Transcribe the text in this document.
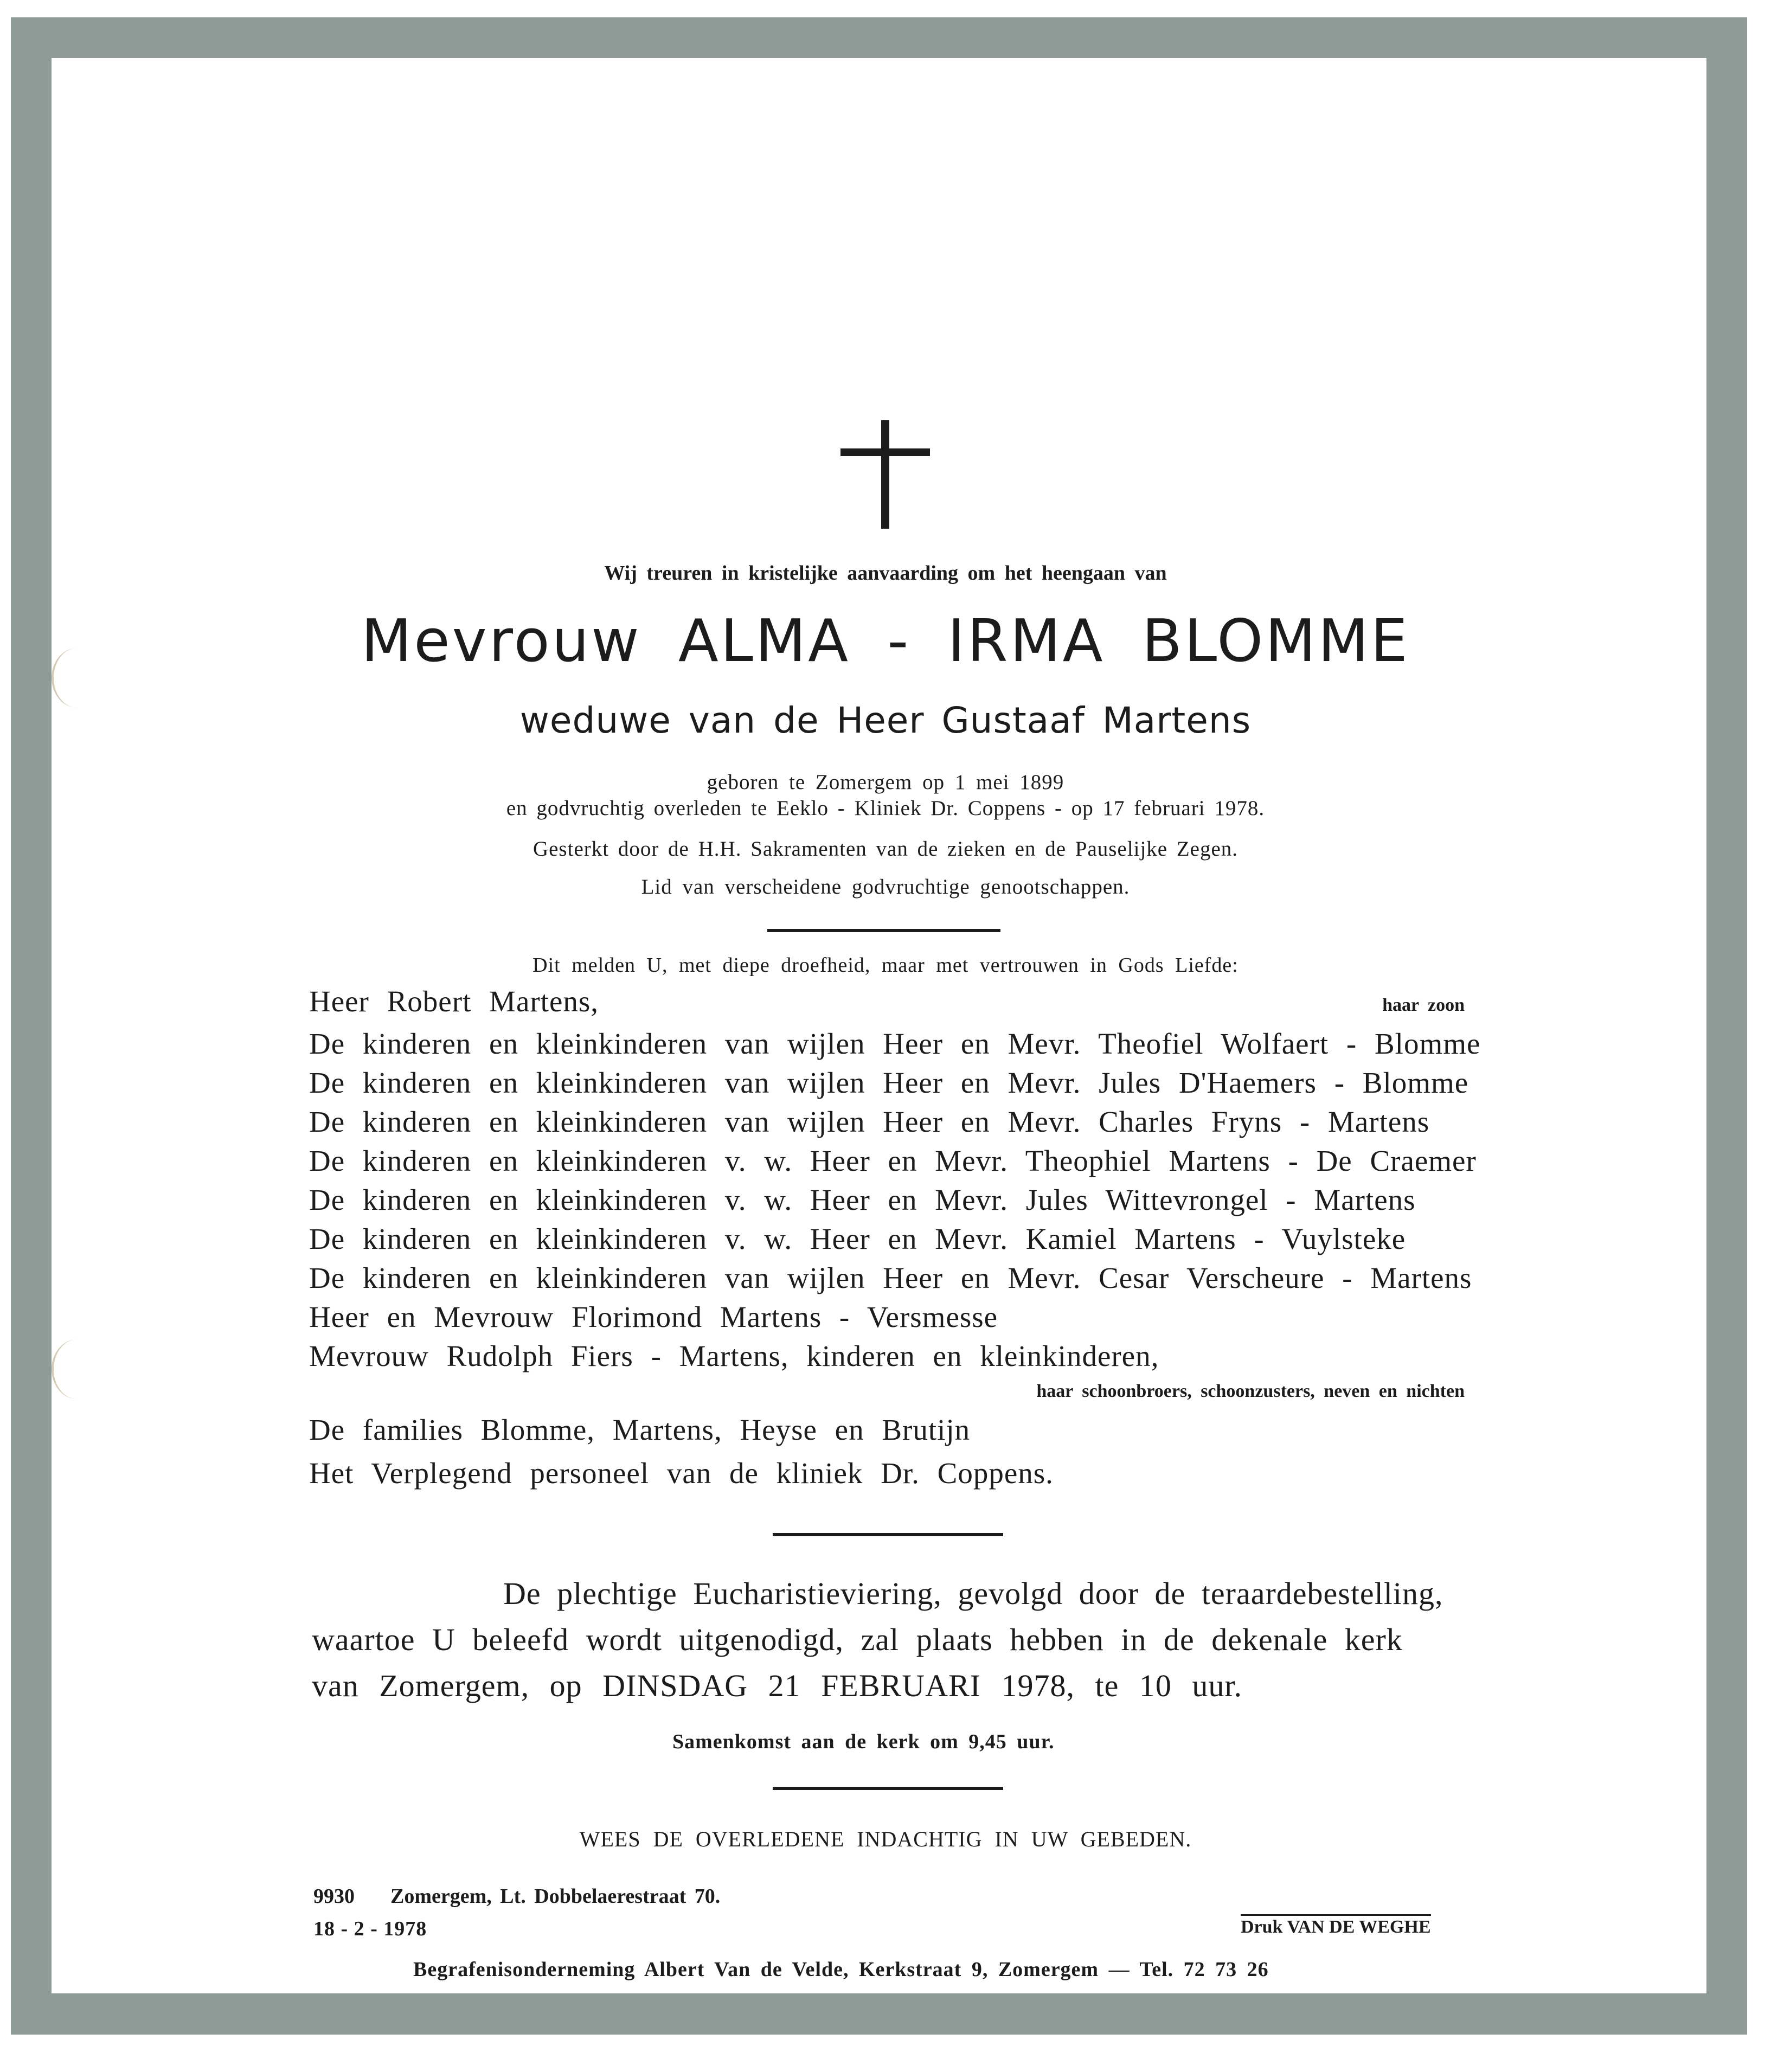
Wij treuren in kristelijke aanvaarding om het heengaan van
Mevrouw ALMA - IRMA BLOMME
weduwe van de Heer Gustaaf Martens
geboren te Zomergem op 1 mei 1899
en godvruchtig overleden te Eeklo - Kliniek Dr. Coppens - op 17 februari 1978.
Gesterkt door de H.H. Sakramenten van de zieken en de Pauselijke Zegen.
Lid van verscheidene godvruchtige genootschappen.
Dit melden U, met diepe droefheid, maar met vertrouwen in Gods Liefde:
Heer Robert Martens,	haar zoon
De kinderen en kleinkinderen van wijlen Heer en Mevr. Theofiel Wolfaert - Blomme
De kinderen en kleinkinderen van wijlen Heer en Mevr. Jules D'Haemers - Blomme
De kinderen en kleinkinderen van wijlen Heer en Mevr. Charles Fryns - Martens
De kinderen en kleinkinderen v. w. Heer en Mevr. Theophiel Martens - De Craemer
De kinderen en kleinkinderen v. w. Heer en Mevr. Jules Wittevrongel - Martens
De kinderen en kleinkinderen v. w. Heer en Mevr. Kamiel Martens - Vuylsteke
De kinderen en kleinkinderen van wijlen Heer en Mevr. Cesar Verscheure - Martens
Heer en Mevrouw Florimond Martens - Versmesse
Mevrouw Rudolph Fiers - Martens, kinderen en kleinkinderen,
haar schoonbroers, schoonzusters, neven en nichten
De families Blomme, Martens, Heyse en Brutijn
Het Verplegend personeel van de kliniek Dr. Coppens.
De plechtige Eucharistieviering, gevolgd door de teraardebestelling,
waartoe U beleefd wordt uitgenodigd, zal plaats hebben in de dekenale kerk
van Zomergem, op DINSDAG 21 FEBRUARI 1978, te 10 uur.
Samenkomst aan de kerk om 9,45 uur.
WEES DE OVERLEDENE INDACHTIG IN UW GEBEDEN.
9930 Zomergem, Lt. Dobbelaerestraat 70.
18 - 2 - 1978	Druk VAN DE WEGHE
Begrafenisonderneming Albert Van de Velde, Kerkstraat 9, Zomergem — Tel. 72 73 26
